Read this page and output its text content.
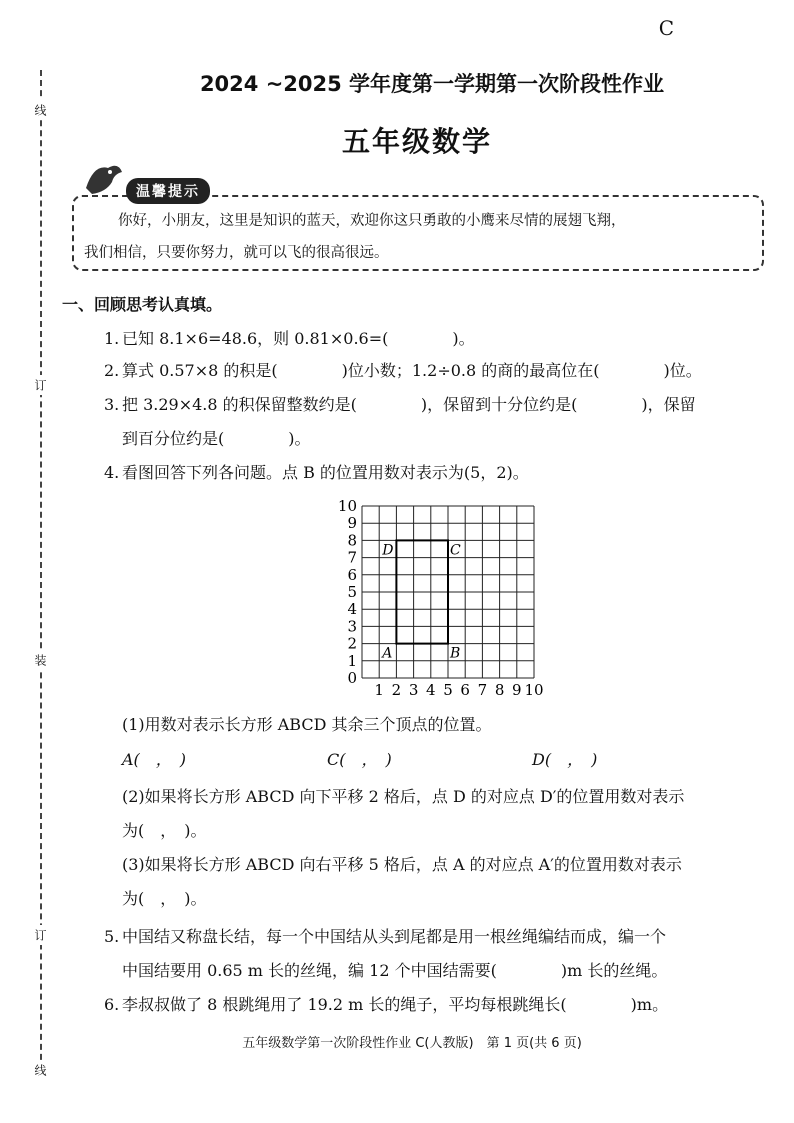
线
订
装
订
线
C
2024 ~2025 学年度第一学期第一次阶段性作业
五年级数学
温馨提示
你好，小朋友，这里是知识的蓝天，欢迎你这只勇敢的小鹰来尽情的展翅飞翔，
我们相信，只要你努力，就可以飞的很高很远。
一、回顾思考认真填。
1. 已知 8.1×6=48.6，则 0.81×0.6=(　　　　)。
2. 算式 0.57×8 的积是(　　　　)位小数；1.2÷0.8 的商的最高位在(　　　　)位。
3. 把 3.29×4.8 的积保留整数约是(　　　　)，保留到十分位约是(　　　　)，保留
到百分位约是(　　　　)。
4. 看图回答下列各问题。点 B 的位置用数对表示为(5，2)。
1 2 3 4 5 6 7 8 9 10
0
1
2
3
4
5
6
7
8
9
10
A	B
C
D
(1)用数对表示长方形 ABCD 其余三个顶点的位置。
A(　，　)	C(　，　)	D(　，　)
(2)如果将长方形 ABCD 向下平移 2 格后，点 D 的对应点 D′的位置用数对表示
为(　，　)。
(3)如果将长方形 ABCD 向右平移 5 格后，点 A 的对应点 A′的位置用数对表示
为(　，　)。
5. 中国结又称盘长结，每一个中国结从头到尾都是用一根丝绳编结而成，编一个
中国结要用 0.65 m 长的丝绳，编 12 个中国结需要(　　　　)m 长的丝绳。
6. 李叔叔做了 8 根跳绳用了 19.2 m 长的绳子，平均每根跳绳长(　　　　)m。
五年级数学第一次阶段性作业 C(人教版)　第 1 页(共 6 页)
